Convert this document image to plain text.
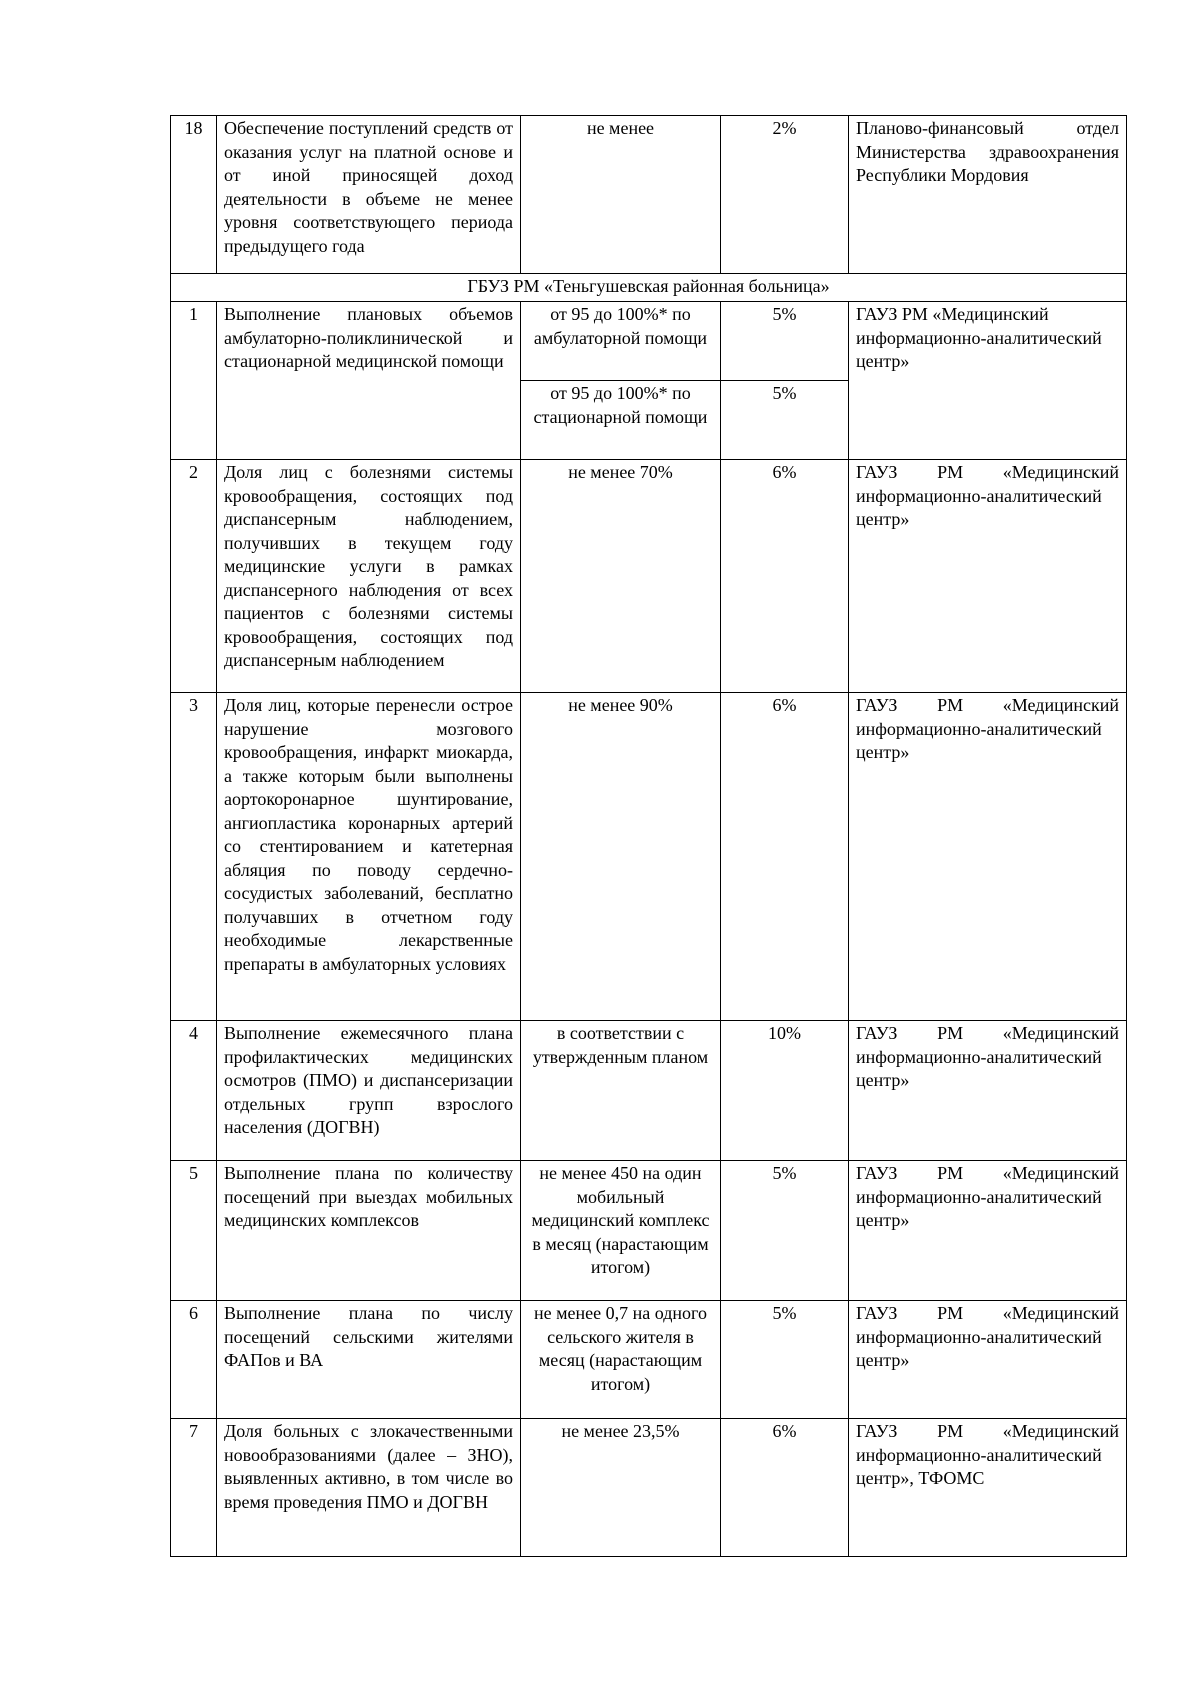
18	Обеспечение поступлений средств от оказания услуг на платной основе и от иной приносящей доход деятельности в объеме не менее уровня соответствующего периода предыдущего года	не менее	2%	Планово-финансовый отдел Министерства здравоохранения Республики Мордовия
ГБУЗ РМ «Теньгушевская районная больница»				
1	Выполнение плановых объемов амбулаторно-поликлинической и стационарной медицинской помощи	от 95 до 100%* по амбулаторной помощи	5%	ГАУЗ РМ «Медицинский информационно-аналитический центр»
		от 95 до 100%* по стационарной помощи	5%	
2	Доля лиц с болезнями системы кровообращения, состоящих под диспансерным наблюдением, получивших в текущем году медицинские услуги в рамках диспансерного наблюдения от всех пациентов с болезнями системы кровообращения, состоящих под диспансерным наблюдением	не менее 70%	6%	ГАУЗ РМ «Медицинский информационно-аналитический центр»
3	Доля лиц, которые перенесли острое нарушение мозгового кровообращения, инфаркт миокарда, а также которым были выполнены аортокоронарное шунтирование, ангиопластика коронарных артерий со стентированием и катетерная абляция по поводу сердечно-сосудистых заболеваний, бесплатно получавших в отчетном году необходимые лекарственные препараты в амбулаторных условиях	не менее 90%	6%	ГАУЗ РМ «Медицинский информационно-аналитический центр»
4	Выполнение ежемесячного плана профилактических медицинских осмотров (ПМО) и диспансеризации отдельных групп взрослого населения (ДОГВН)	в соответствии с утвержденным планом	10%	ГАУЗ РМ «Медицинский информационно-аналитический центр»
5	Выполнение плана по количеству посещений при выездах мобильных медицинских комплексов	не менее 450 на один мобильный медицинский комплекс в месяц (нарастающим итогом)	5%	ГАУЗ РМ «Медицинский информационно-аналитический центр»
6	Выполнение плана по числу посещений сельскими жителями ФАПов и ВА	не менее 0,7 на одного сельского жителя в месяц (нарастающим итогом)	5%	ГАУЗ РМ «Медицинский информационно-аналитический центр»
7	Доля больных с злокачественными новообразованиями (далее – ЗНО), выявленных активно, в том числе во время проведения ПМО и ДОГВН	не менее 23,5%	6%	ГАУЗ РМ «Медицинский информационно-аналитический центр», ТФОМС
